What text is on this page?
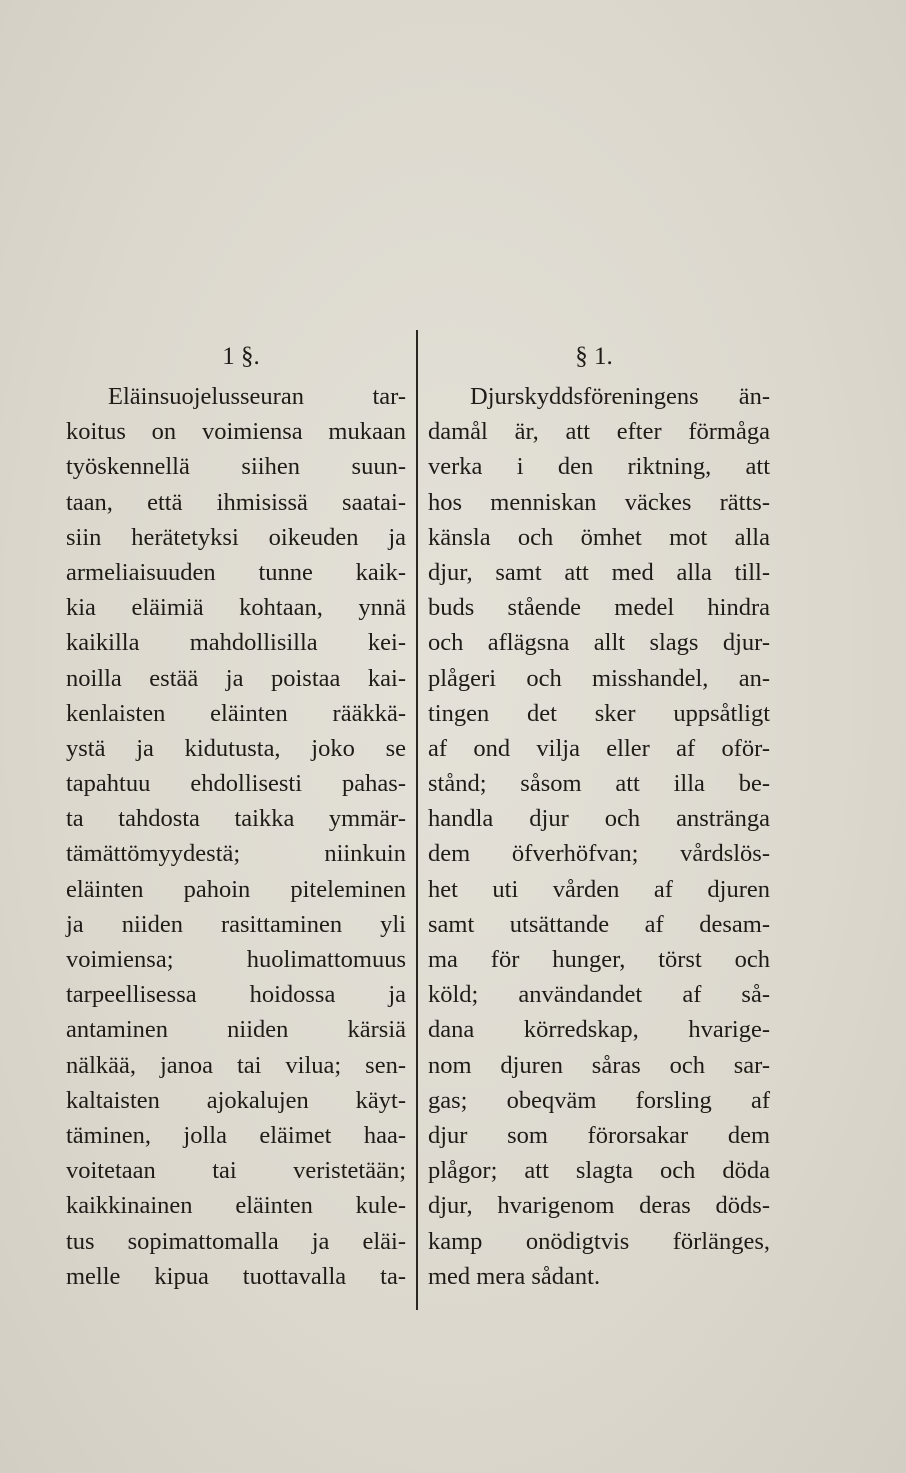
1 §.
Eläinsuojelusseuran tar-
koitus on voimiensa mukaan
työskennellä siihen suun-
taan, että ihmisissä saatai-
siin herätetyksi oikeuden ja
armeliaisuuden tunne kaik-
kia eläimiä kohtaan, ynnä
kaikilla mahdollisilla kei-
noilla estää ja poistaa kai-
kenlaisten eläinten rääkkä-
ystä ja kidutusta, joko se
tapahtuu ehdollisesti pahas-
ta tahdosta taikka ymmär-
tämättömyydestä; niinkuin
eläinten pahoin piteleminen
ja niiden rasittaminen yli
voimiensa; huolimattomuus
tarpeellisessa hoidossa ja
antaminen niiden kärsiä
nälkää, janoa tai vilua; sen-
kaltaisten ajokalujen käyt-
täminen, jolla eläimet haa-
voitetaan tai veristetään;
kaikkinainen eläinten kule-
tus sopimattomalla ja eläi-
melle kipua tuottavalla ta-
§ 1.
Djurskyddsföreningens än-
damål är, att efter förmåga
verka i den riktning, att
hos menniskan väckes rätts-
känsla och ömhet mot alla
djur, samt att med alla till-
buds stående medel hindra
och aflägsna allt slags djur-
plågeri och misshandel, an-
tingen det sker uppsåtligt
af ond vilja eller af oför-
stånd; såsom att illa be-
handla djur och anstränga
dem öfverhöfvan; vårdslös-
het uti vården af djuren
samt utsättande af desam-
ma för hunger, törst och
köld; användandet af så-
dana körredskap, hvarige-
nom djuren såras och sar-
gas; obeqväm forsling af
djur som förorsakar dem
plågor; att slagta och döda
djur, hvarigenom deras döds-
kamp onödigtvis förlänges,
med mera sådant.
